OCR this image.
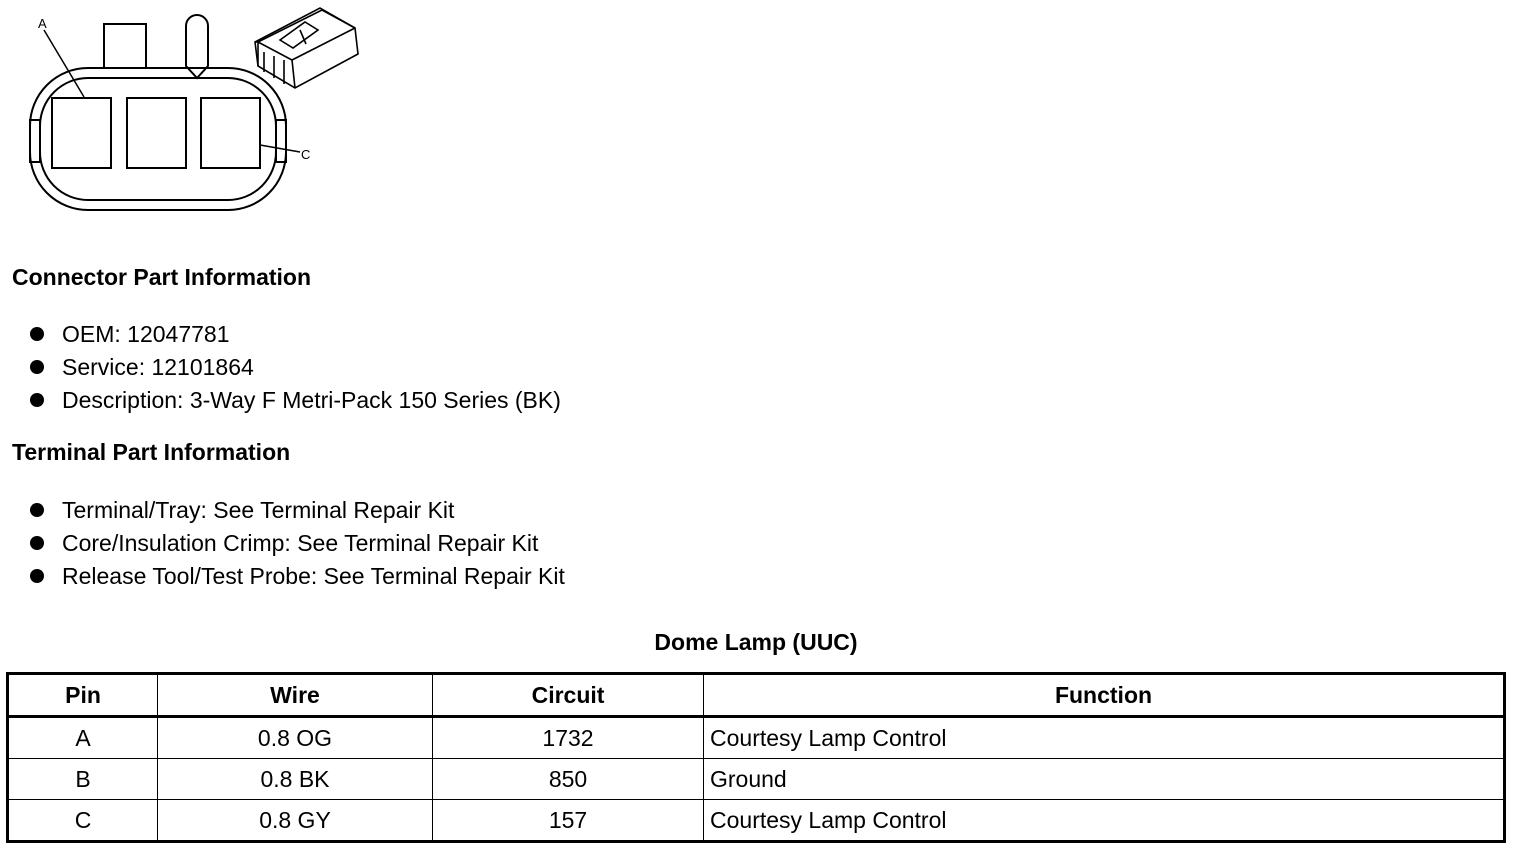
A
C
Connector Part Information
OEM: 12047781
Service: 12101864
Description: 3-Way F Metri-Pack 150 Series (BK)
Terminal Part Information
Terminal/Tray: See Terminal Repair Kit
Core/Insulation Crimp: See Terminal Repair Kit
Release Tool/Test Probe: See Terminal Repair Kit
Dome Lamp (UUC)
Pin	Wire	Circuit	Function
A	0.8 OG	1732	Courtesy Lamp Control
B	0.8 BK	850	Ground
C	0.8 GY	157	Courtesy Lamp Control
